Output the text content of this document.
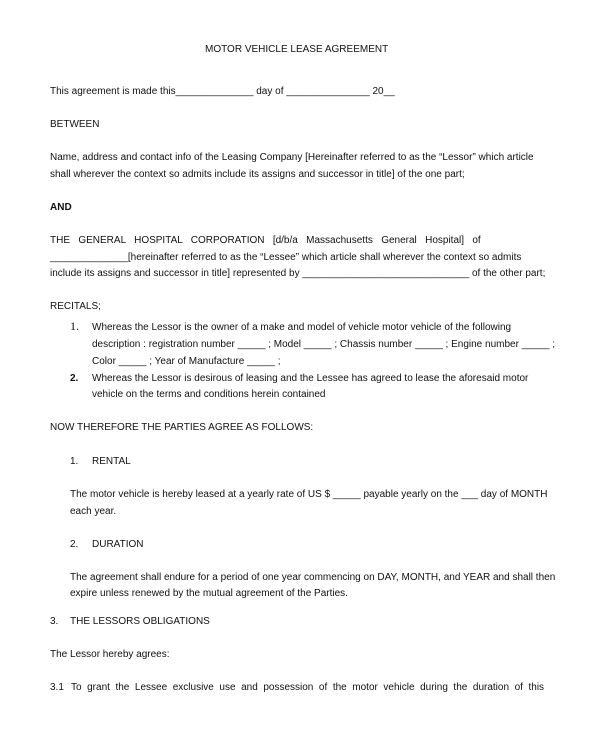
MOTOR VEHICLE LEASE AGREEMENT
This agreement is made this______________ day of _______________ 20__
BETWEEN
Name, address and contact info of the Leasing Company [Hereinafter referred to as the “Lessor” which article
shall wherever the context so admits include its assigns and successor in title] of the one part;
AND
THE   GENERAL   HOSPITAL   CORPORATION   [d/b/a   Massachusetts   General   Hospital]   of
______________[hereinafter referred to as the “Lessee” which article shall wherever the context so admits
include its assigns and successor in title] represented by ______________________________ of the other part;
RECITALS;
1. Whereas the Lessor is the owner of a make and model of vehicle motor vehicle of the following
description : registration number _____ ; Model _____ ; Chassis number _____ ; Engine number _____ ;
Color _____ ; Year of Manufacture _____ ;
2. Whereas the Lessor is desirous of leasing and the Lessee has agreed to lease the aforesaid motor
vehicle on the terms and conditions herein contained
NOW THEREFORE THE PARTIES AGREE AS FOLLOWS:
1. RENTAL
The motor vehicle is hereby leased at a yearly rate of US $ _____ payable yearly on the ___ day of MONTH
each year.
2. DURATION
The agreement shall endure for a period of one year commencing on DAY, MONTH, and YEAR and shall then
expire unless renewed by the mutual agreement of the Parties.
3. THE LESSORS OBLIGATIONS
The Lessor hereby agrees:
3.1 To  grant  the  Lessee  exclusive  use  and  possession  of  the  motor  vehicle  during  the  duration  of  this
